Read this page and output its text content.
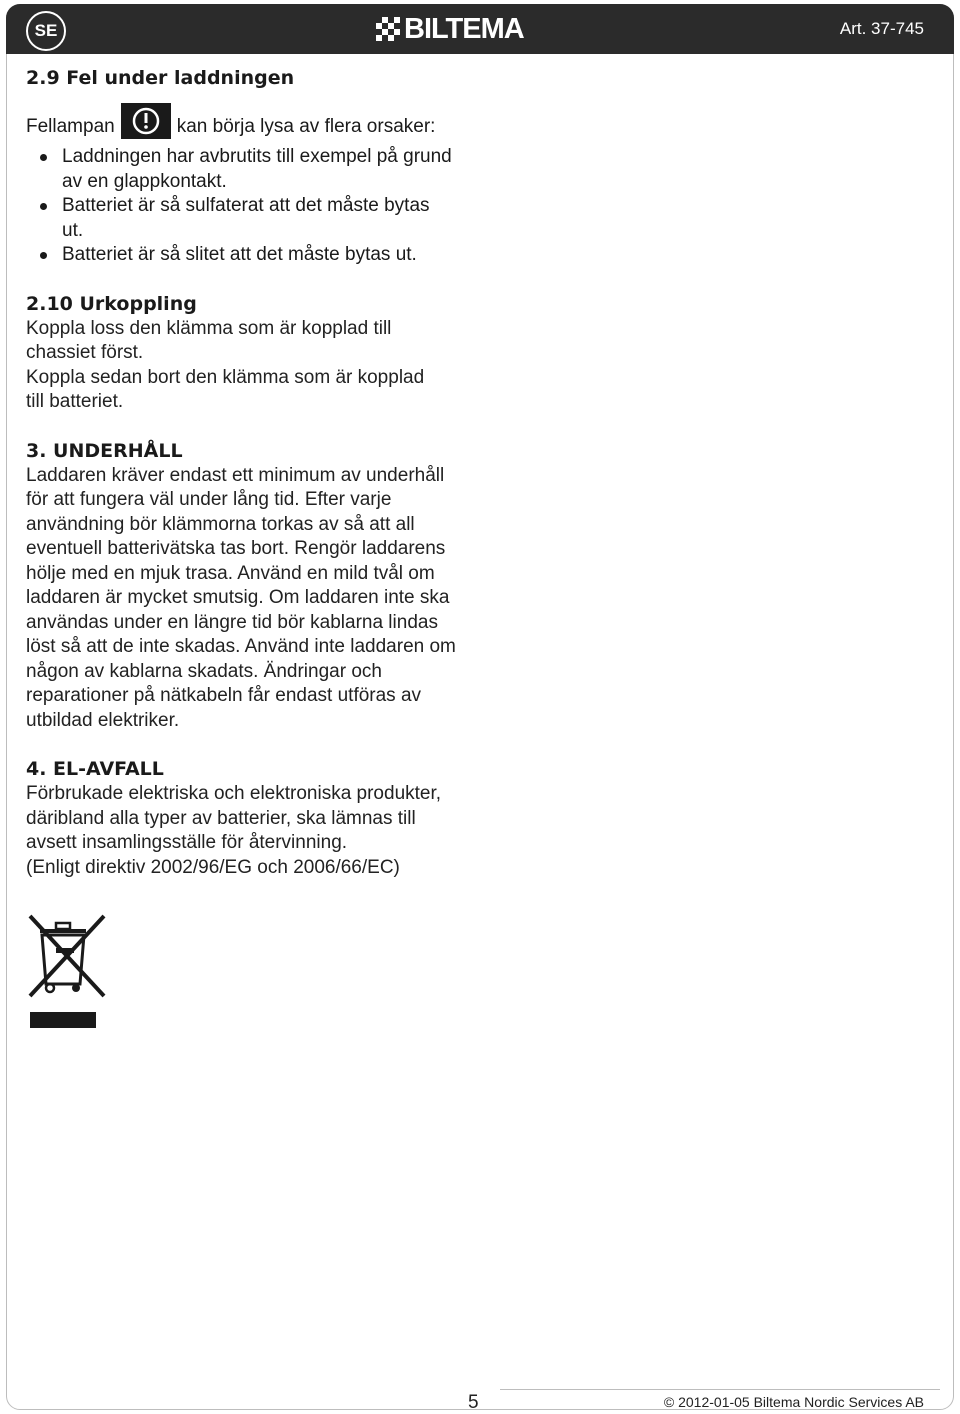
SE	BILTEMA	Art. 37-745
2.9 Fel under laddningen
Fellampan	kan börja lysa av flera orsaker:
Laddningen har avbrutits till exempel på grund av en glappkontakt.
Batteriet är så sulfaterat att det måste bytas ut.
Batteriet är så slitet att det måste bytas ut.
2.10 Urkoppling

Koppla loss den klämma som är kopplad till chassiet först.

Koppla sedan bort den klämma som är kopplad till batteriet.

3. UNDERHÅLL

Laddaren kräver endast ett minimum av underhåll för att fungera väl under lång tid. Efter varje användning bör klämmorna torkas av så att all eventuell batterivätska tas bort. Rengör laddarens hölje med en mjuk trasa. Använd en mild tvål om laddaren är mycket smutsig. Om laddaren inte ska användas under en längre tid bör kablarna lindas löst så att de inte skadas. Använd inte laddaren om någon av kablarna skadats. Ändringar och reparationer på nätkabeln får endast utföras av utbildad elektriker.

4. EL-AVFALL

Förbrukade elektriska och elektroniska produkter, däribland alla typer av batterier, ska lämnas till avsett insamlingsställe för återvinning.

(Enligt direktiv 2002/96/EG och 2006/66/EC)

5	© 2012-01-05 Biltema Nordic Services AB
